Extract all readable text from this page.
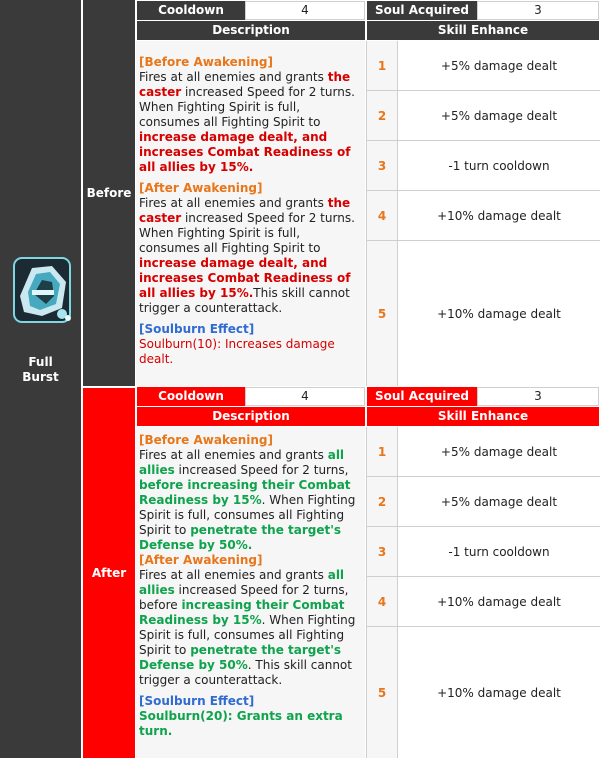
Full
Burst
Before
Cooldown	4	Soul Acquired	3
Description	Skill Enhance

[Before Awakening]

Fires at all enemies and grants the caster increased Speed for 2 turns. When Fighting Spirit is full, consumes all Fighting Spirit to increase damage dealt, and increases Combat Readiness of all allies by 15%.

[After Awakening]

Fires at all enemies and grants the caster increased Speed for 2 turns. When Fighting Spirit is full, consumes all Fighting Spirit to increase damage dealt, and increases Combat Readiness of all allies by 15%.This skill cannot trigger a counterattack.

[Soulburn Effect]

Soulburn(10): Increases damage dealt.

1	+5% damage dealt
2	+5% damage dealt
3	-1 turn cooldown
4	+10% damage dealt
5	+10% damage dealt
After
Cooldown	4	Soul Acquired	3
Description	Skill Enhance

[Before Awakening]

Fires at all enemies and grants all allies increased Speed for 2 turns, before increasing their Combat Readiness by 15%. When Fighting Spirit is full, consumes all Fighting Spirit to penetrate the target's Defense by 50%.

[After Awakening]

Fires at all enemies and grants all allies increased Speed for 2 turns, before increasing their Combat Readiness by 15%. When Fighting Spirit is full, consumes all Fighting Spirit to penetrate the target's Defense by 50%. This skill cannot trigger a counterattack.

[Soulburn Effect]

Soulburn(20): Grants an extra turn.

1	+5% damage dealt
2	+5% damage dealt
3	-1 turn cooldown
4	+10% damage dealt
5	+10% damage dealt
